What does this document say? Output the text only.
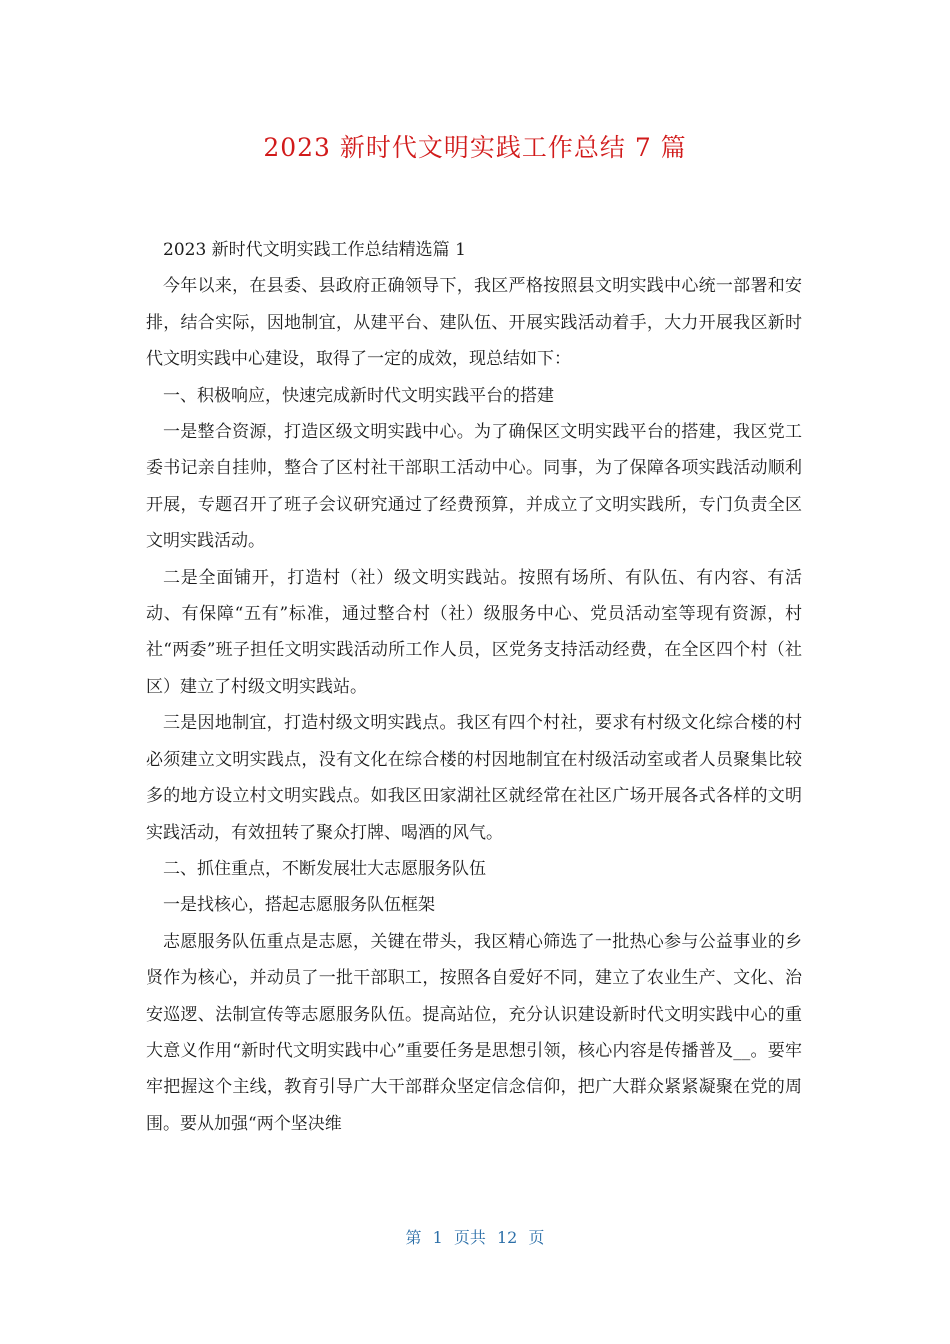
2023 新时代文明实践工作总结 7 篇

2023 新时代文明实践工作总结精选篇 1

今年以来，在县委、县政府正确领导下，我区严格按照县文明实践中心统一部署和安排，结合实际，因地制宜，从建平台、建队伍、开展实践活动着手，大力开展我区新时代文明实践中心建设，取得了一定的成效，现总结如下：

一、积极响应，快速完成新时代文明实践平台的搭建

一是整合资源，打造区级文明实践中心。为了确保区文明实践平台的搭建，我区党工委书记亲自挂帅，整合了区村社干部职工活动中心。同事，为了保障各项实践活动顺利开展，专题召开了班子会议研究通过了经费预算，并成立了文明实践所，专门负责全区文明实践活动。

二是全面铺开，打造村（社）级文明实践站。按照有场所、有队伍、有内容、有活动、有保障“五有”标准，通过整合村（社）级服务中心、党员活动室等现有资源，村社“两委”班子担任文明实践活动所工作人员，区党务支持活动经费，在全区四个村（社区）建立了村级文明实践站。

三是因地制宜，打造村级文明实践点。我区有四个村社，要求有村级文化综合楼的村必须建立文明实践点，没有文化在综合楼的村因地制宜在村级活动室或者人员聚集比较多的地方设立村文明实践点。如我区田家湖社区就经常在社区广场开展各式各样的文明实践活动，有效扭转了聚众打牌、喝酒的风气。

二、抓住重点，不断发展壮大志愿服务队伍

一是找核心，搭起志愿服务队伍框架

志愿服务队伍重点是志愿，关键在带头，我区精心筛选了一批热心参与公益事业的乡贤作为核心，并动员了一批干部职工，按照各自爱好不同，建立了农业生产、文化、治安巡逻、法制宣传等志愿服务队伍。提高站位，充分认识建设新时代文明实践中心的重大意义作用“新时代文明实践中心”重要任务是思想引领，核心内容是传播普及__。要牢牢把握这个主线，教育引导广大干部群众坚定信念信仰，把广大群众紧紧凝聚在党的周围。要从加强“两个坚决维

第 1 页共 12 页
